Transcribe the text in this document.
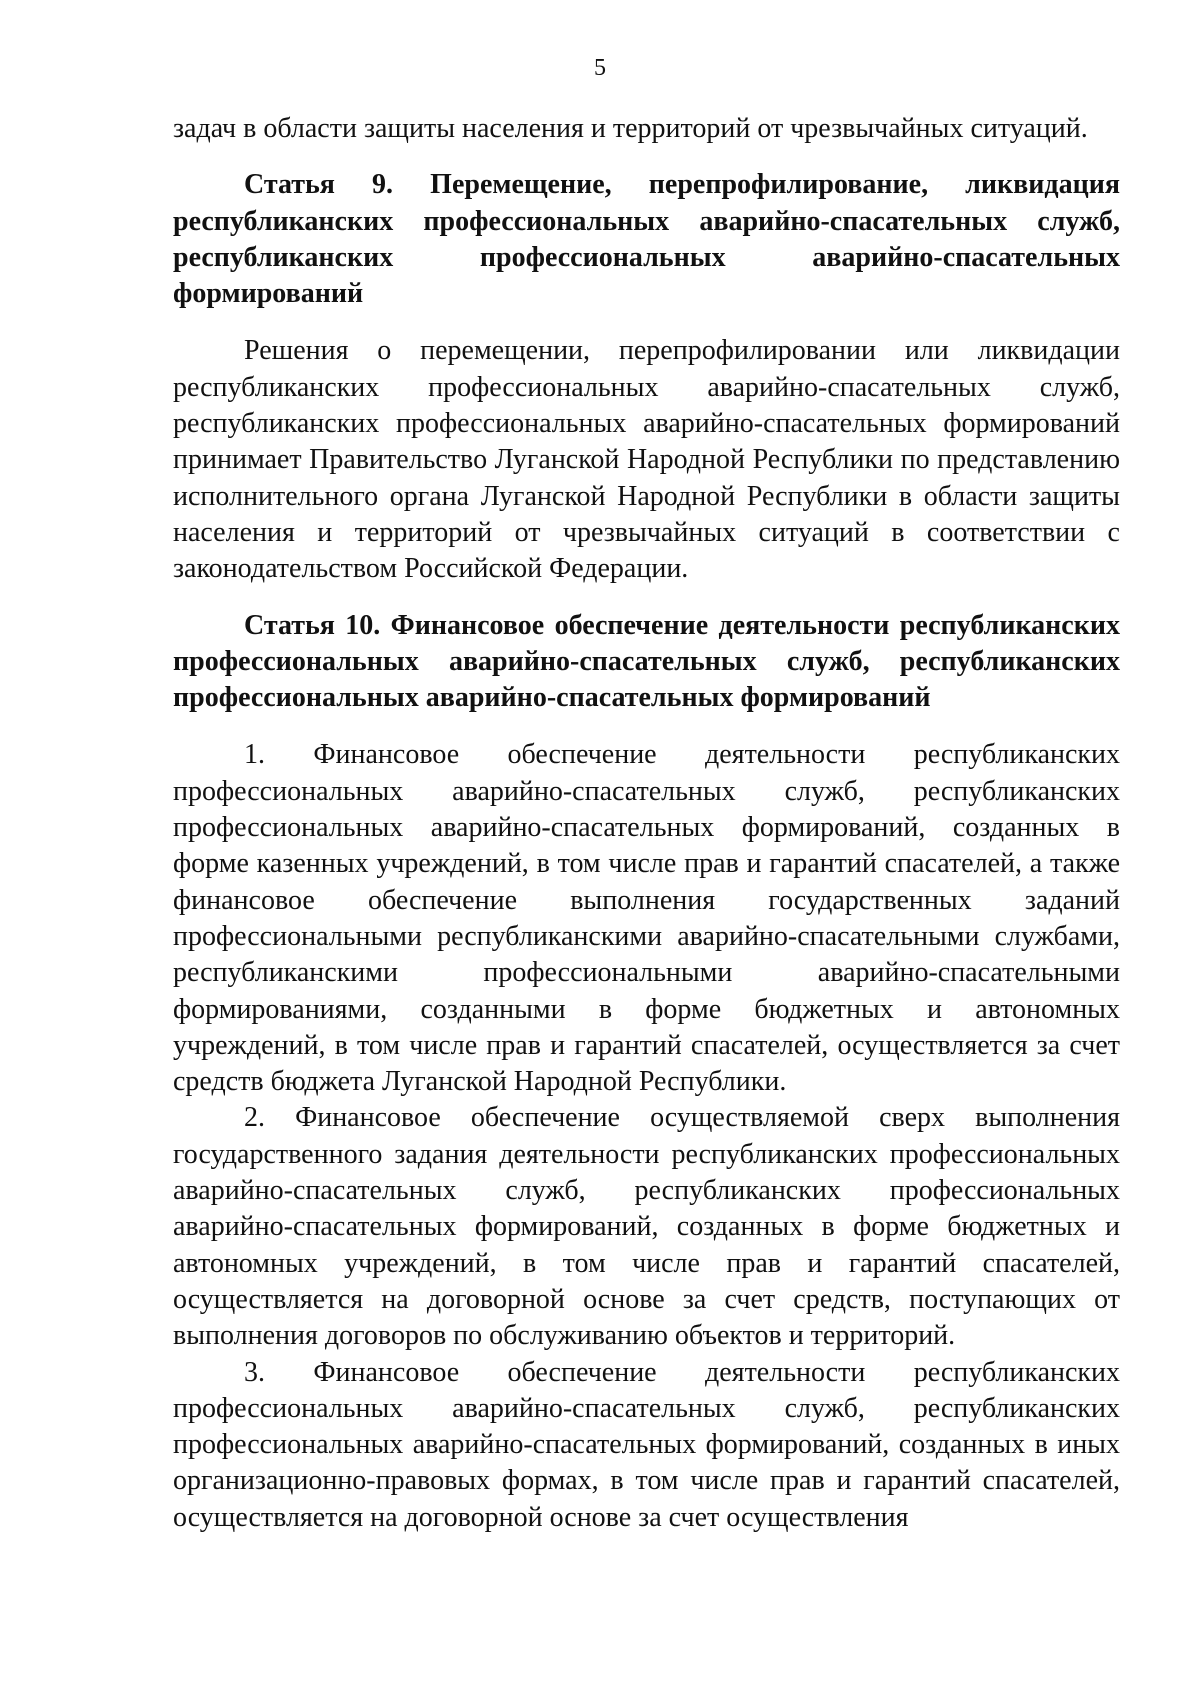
5

задач в области защиты населения и территорий от чрезвычайных ситуаций.

Статья 9. Перемещение, перепрофилирование, ликвидация республиканских профессиональных аварийно-спасательных служб, республиканских профессиональных аварийно-спасательных формирований

Решения о перемещении, перепрофилировании или ликвидации республиканских профессиональных аварийно-спасательных служб, республиканских профессиональных аварийно-спасательных формирований принимает Правительство Луганской Народной Республики по представлению исполнительного органа Луганской Народной Республики в области защиты населения и территорий от чрезвычайных ситуаций в соответствии с законодательством Российской Федерации.

Статья 10. Финансовое обеспечение деятельности республиканских профессиональных аварийно-спасательных служб, республиканских профессиональных аварийно-спасательных формирований

1. Финансовое обеспечение деятельности республиканских профессиональных аварийно-спасательных служб, республиканских профессиональных аварийно-спасательных формирований, созданных в форме казенных учреждений, в том числе прав и гарантий спасателей, а также финансовое обеспечение выполнения государственных заданий профессиональными республиканскими аварийно-спасательными службами, республиканскими профессиональными аварийно-спасательными формированиями, созданными в форме бюджетных и автономных учреждений, в том числе прав и гарантий спасателей, осуществляется за счет средств бюджета Луганской Народной Республики.

2. Финансовое обеспечение осуществляемой сверх выполнения государственного задания деятельности республиканских профессиональных аварийно-спасательных служб, республиканских профессиональных аварийно-спасательных формирований, созданных в форме бюджетных и автономных учреждений, в том числе прав и гарантий спасателей, осуществляется на договорной основе за счет средств, поступающих от выполнения договоров по обслуживанию объектов и территорий.

3. Финансовое обеспечение деятельности республиканских профессиональных аварийно-спасательных служб, республиканских профессиональных аварийно-спасательных формирований, созданных в иных организационно-правовых формах, в том числе прав и гарантий спасателей, осуществляется на договорной основе за счет осуществления
